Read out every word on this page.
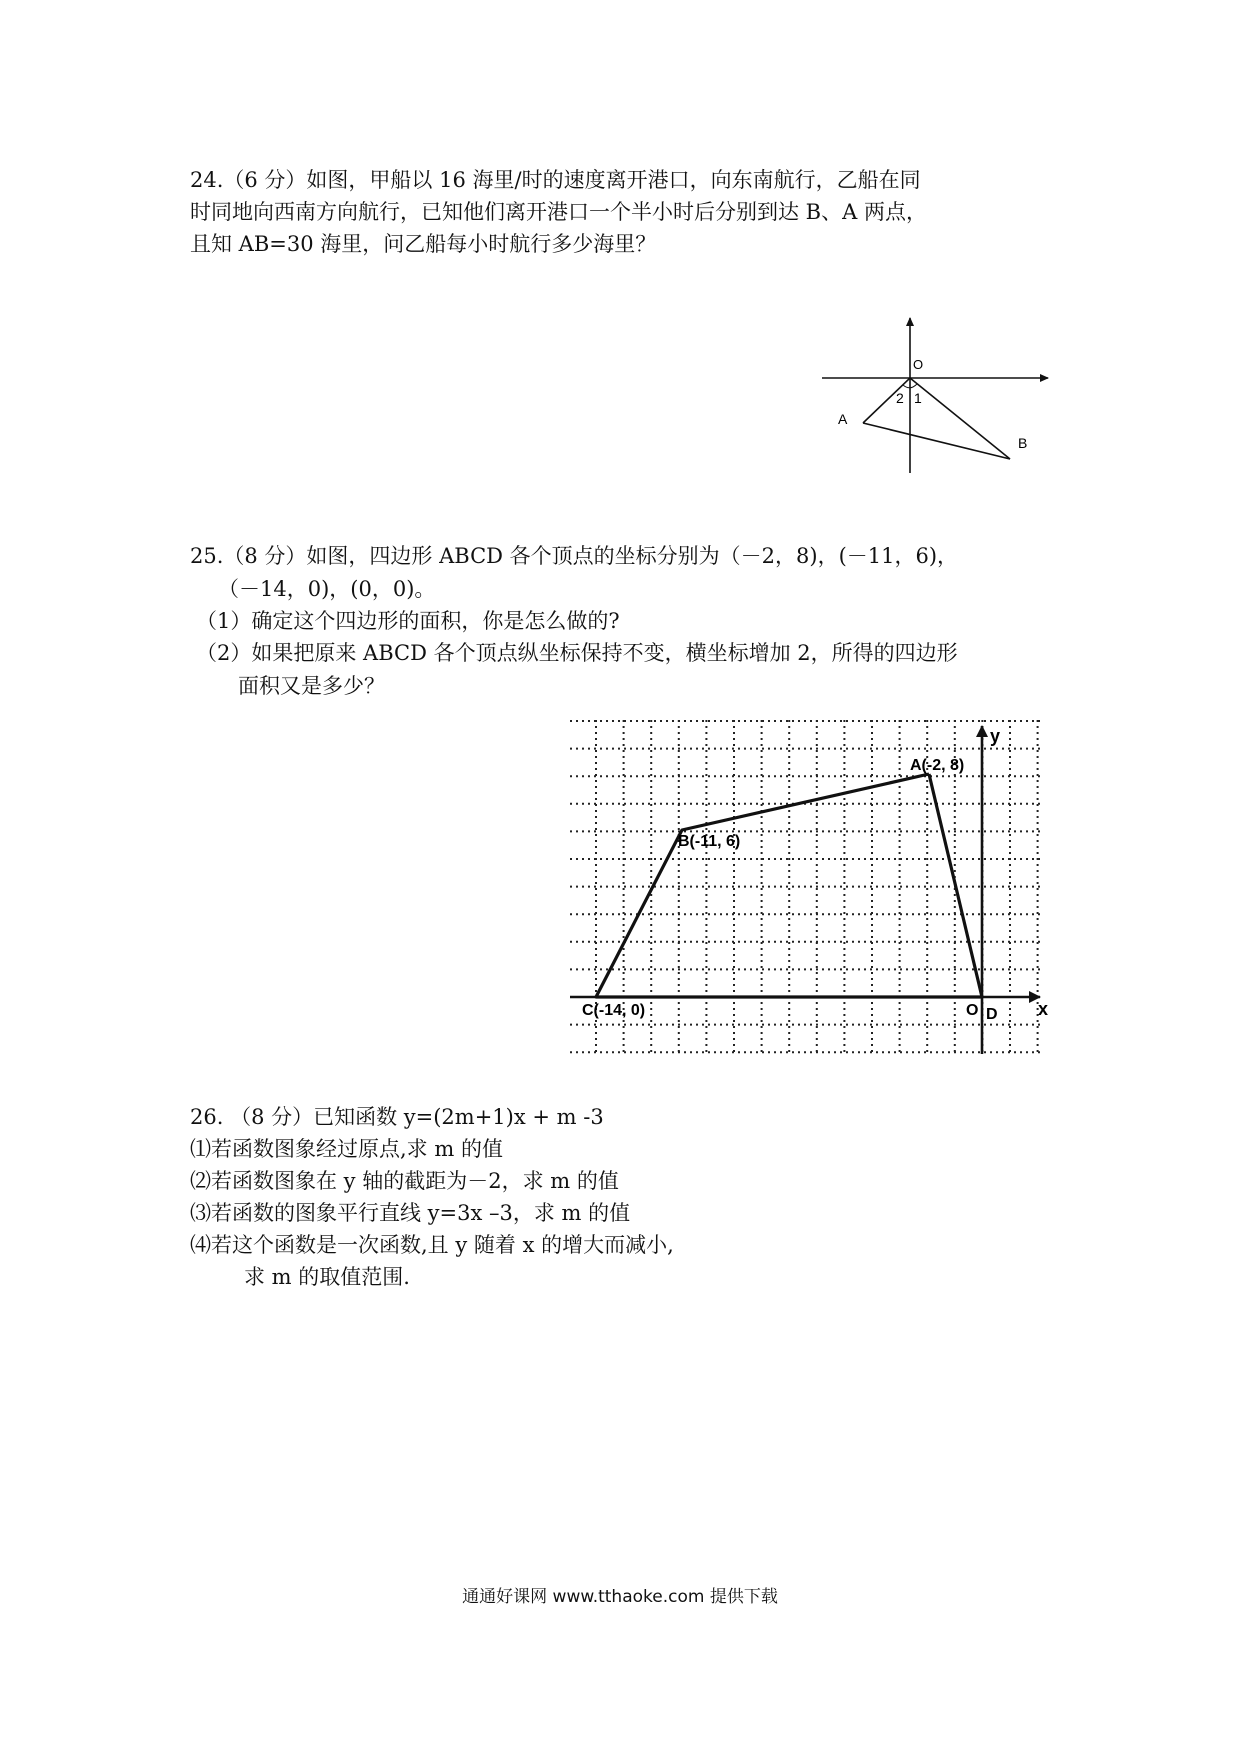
24.（6 分）如图，甲船以 16 海里/时的速度离开港口，向东南航行，乙船在同
时同地向西南方向航行，已知他们离开港口一个半小时后分别到达 B、A 两点，
且知 AB=30 海里，问乙船每小时航行多少海里？
O
2 1
A
B
25.（8 分）如图，四边形 ABCD 各个顶点的坐标分别为（－2，8)，(－11，6)，
（－14，0)，(0，0)。
（1）确定这个四边形的面积，你是怎么做的?
（2）如果把原来 ABCD 各个顶点纵坐标保持不变，横坐标增加 2，所得的四边形
面积又是多少？
A(-2, 8)
B(-11, 6)
C(-14, 0)	O D x
y
26. （8 分）已知函数 y=(2m+1)x + m -3
⑴若函数图象经过原点,求 m 的值
⑵若函数图象在 y 轴的截距为－2，求 m 的值
⑶若函数的图象平行直线 y=3x –3，求 m 的值
⑷若这个函数是一次函数,且 y 随着 x 的增大而减小,
求 m 的取值范围.
通通好课网 www.tthaoke.com 提供下载
